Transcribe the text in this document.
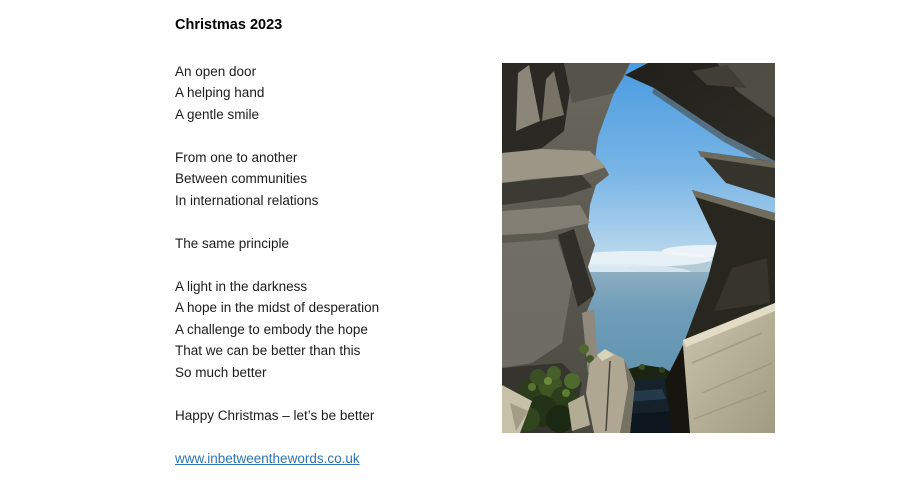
Christmas 2023
An open door
A helping hand
A gentle smile
From one to another
Between communities
In international relations
The same principle
A light in the darkness
A hope in the midst of desperation
A challenge to embody the hope
That we can be better than this
So much better
Happy Christmas – let’s be better
www.inbetweenthewords.co.uk
